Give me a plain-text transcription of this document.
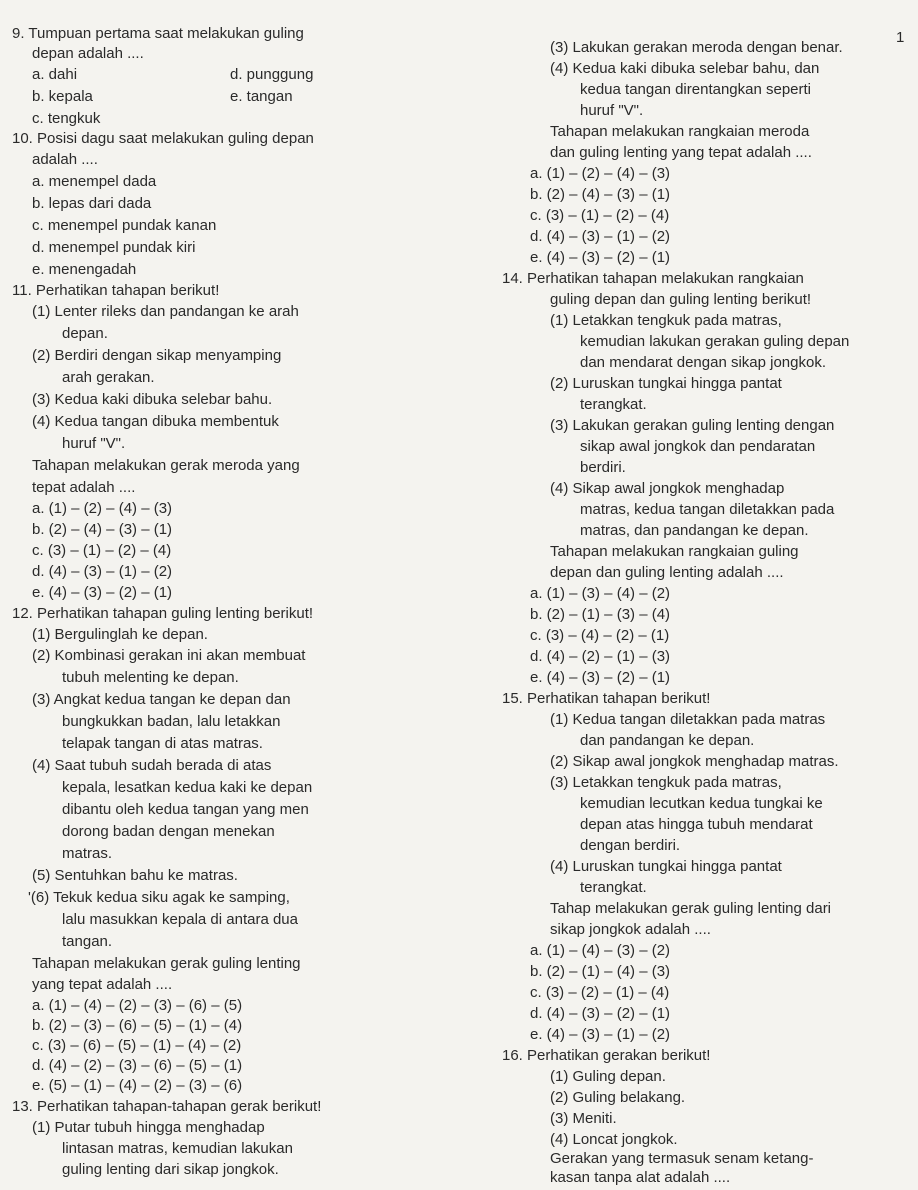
1
9. Tumpuan pertama saat melakukan guling
depan adalah ....
a. dahi	d. punggung
b. kepala	e. tangan
c. tengkuk
10. Posisi dagu saat melakukan guling depan
adalah ....
a. menempel dada
b. lepas dari dada
c. menempel pundak kanan
d. menempel pundak kiri
e. menengadah
11. Perhatikan tahapan berikut!
(1) Lenter rileks dan pandangan ke arah
depan.
(2) Berdiri dengan sikap menyamping
arah gerakan.
(3) Kedua kaki dibuka selebar bahu.
(4) Kedua tangan dibuka membentuk
huruf "V".
Tahapan melakukan gerak meroda yang
tepat adalah ....
a. (1) – (2) – (4) – (3)
b. (2) – (4) – (3) – (1)
c. (3) – (1) – (2) – (4)
d. (4) – (3) – (1) – (2)
e. (4) – (3) – (2) – (1)
12. Perhatikan tahapan guling lenting berikut!
(1) Bergulinglah ke depan.
(2) Kombinasi gerakan ini akan membuat
tubuh melenting ke depan.
(3) Angkat kedua tangan ke depan dan
bungkukkan badan, lalu letakkan
telapak tangan di atas matras.
(4) Saat tubuh sudah berada di atas
kepala, lesatkan kedua kaki ke depan
dibantu oleh kedua tangan yang men
dorong badan dengan menekan
matras.
(5) Sentuhkan bahu ke matras.
'(6) Tekuk kedua siku agak ke samping,
lalu masukkan kepala di antara dua
tangan.
Tahapan melakukan gerak guling lenting
yang tepat adalah ....
a. (1) – (4) – (2) – (3) – (6) – (5)
b. (2) – (3) – (6) – (5) – (1) – (4)
c. (3) – (6) – (5) – (1) – (4) – (2)
d. (4) – (2) – (3) – (6) – (5) – (1)
e. (5) – (1) – (4) – (2) – (3) – (6)
13. Perhatikan tahapan-tahapan gerak berikut!
(1) Putar tubuh hingga menghadap
lintasan matras, kemudian lakukan
guling lenting dari sikap jongkok.
(3) Lakukan gerakan meroda dengan benar.
(4) Kedua kaki dibuka selebar bahu, dan
kedua tangan direntangkan seperti
huruf "V".
Tahapan melakukan rangkaian meroda
dan guling lenting yang tepat adalah ....
a. (1) – (2) – (4) – (3)
b. (2) – (4) – (3) – (1)
c. (3) – (1) – (2) – (4)
d. (4) – (3) – (1) – (2)
e. (4) – (3) – (2) – (1)
14. Perhatikan tahapan melakukan rangkaian
guling depan dan guling lenting berikut!
(1) Letakkan tengkuk pada matras,
kemudian lakukan gerakan guling depan
dan mendarat dengan sikap jongkok.
(2) Luruskan tungkai hingga pantat
terangkat.
(3) Lakukan gerakan guling lenting dengan
sikap awal jongkok dan pendaratan
berdiri.
(4) Sikap awal jongkok menghadap
matras, kedua tangan diletakkan pada
matras, dan pandangan ke depan.
Tahapan melakukan rangkaian guling
depan dan guling lenting adalah ....
a. (1) – (3) – (4) – (2)
b. (2) – (1) – (3) – (4)
c. (3) – (4) – (2) – (1)
d. (4) – (2) – (1) – (3)
e. (4) – (3) – (2) – (1)
15. Perhatikan tahapan berikut!
(1) Kedua tangan diletakkan pada matras
dan pandangan ke depan.
(2) Sikap awal jongkok menghadap matras.
(3) Letakkan tengkuk pada matras,
kemudian lecutkan kedua tungkai ke
depan atas hingga tubuh mendarat
dengan berdiri.
(4) Luruskan tungkai hingga pantat
terangkat.
Tahap melakukan gerak guling lenting dari
sikap jongkok adalah ....
a. (1) – (4) – (3) – (2)
b. (2) – (1) – (4) – (3)
c. (3) – (2) – (1) – (4)
d. (4) – (3) – (2) – (1)
e. (4) – (3) – (1) – (2)
16. Perhatikan gerakan berikut!
(1) Guling depan.
(2) Guling belakang.
(3) Meniti.
(4) Loncat jongkok.
Gerakan yang termasuk senam ketang-
kasan tanpa alat adalah ....
